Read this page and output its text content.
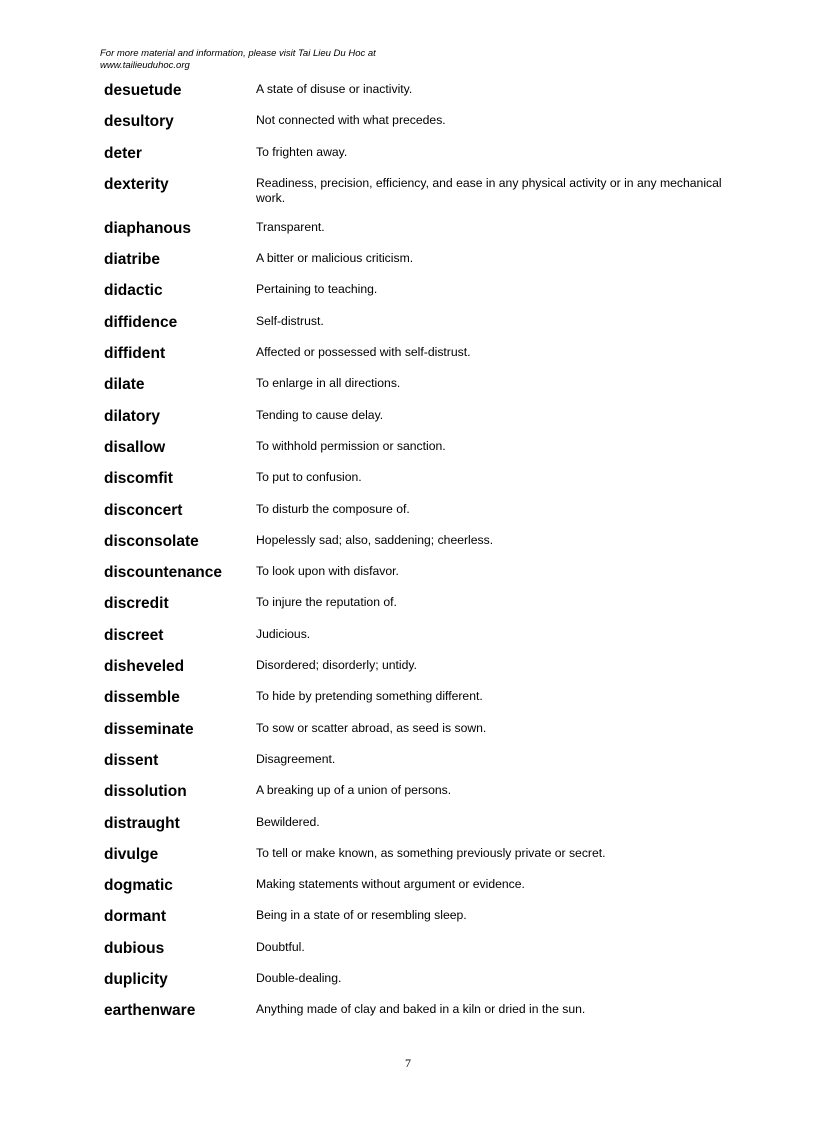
For more material and information, please visit Tai Lieu Du Hoc at
www.tailieuduhoc.org
desuetude	A state of disuse or inactivity.
desultory	Not connected with what precedes.
deter	To frighten away.
dexterity	Readiness, precision, efficiency, and ease in any physical activity or in any mechanical work.
diaphanous	Transparent.
diatribe	A bitter or malicious criticism.
didactic	Pertaining to teaching.
diffidence	Self-distrust.
diffident	Affected or possessed with self-distrust.
dilate	To enlarge in all directions.
dilatory	Tending to cause delay.
disallow	To withhold permission or sanction.
discomfit	To put to confusion.
disconcert	To disturb the composure of.
disconsolate	Hopelessly sad; also, saddening; cheerless.
discountenance	To look upon with disfavor.
discredit	To injure the reputation of.
discreet	Judicious.
disheveled	Disordered; disorderly; untidy.
dissemble	To hide by pretending something different.
disseminate	To sow or scatter abroad, as seed is sown.
dissent	Disagreement.
dissolution	A breaking up of a union of persons.
distraught	Bewildered.
divulge	To tell or make known, as something previously private or secret.
dogmatic	Making statements without argument or evidence.
dormant	Being in a state of or resembling sleep.
dubious	Doubtful.
duplicity	Double-dealing.
earthenware	Anything made of clay and baked in a kiln or dried in the sun.
7
